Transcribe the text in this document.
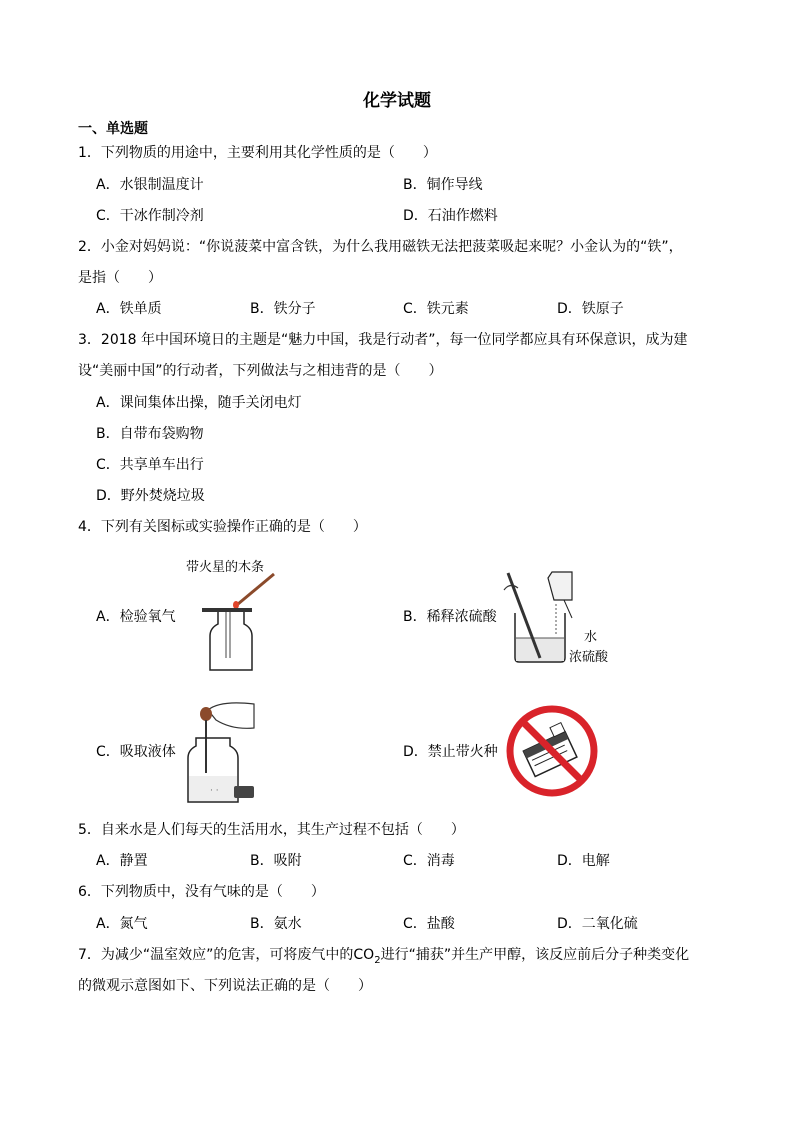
化学试题
一、单选题
1．下列物质的用途中，主要利用其化学性质的是（　　）
A．水银制温度计	B．铜作导线
C．干冰作制冷剂	D．石油作燃料
2．小金对妈妈说：“你说菠菜中富含铁，为什么我用磁铁无法把菠菜吸起来呢？小金认为的“铁”，
是指（　　）
A．铁单质	B．铁分子	C．铁元素	D．铁原子
3．2018 年中国环境日的主题是“魅力中国，我是行动者”，每一位同学都应具有环保意识，成为建
设“美丽中国”的行动者，下列做法与之相违背的是（　　）
A．课间集体出操，随手关闭电灯
B．自带布袋购物
C．共享单车出行
D．野外焚烧垃圾
4．下列有关图标或实验操作正确的是（　　）
A．检验氧气	B．稀释浓硫酸
C．吸取液体	D．禁止带火种
带火星的木条
水
浓硫酸
· ·
5．自来水是人们每天的生活用水，其生产过程不包括（　　）
A．静置	B．吸附	C．消毒	D．电解
6．下列物质中，没有气味的是（　　）
A．氮气	B．氨水	C．盐酸	D．二氧化硫
7．为减少“温室效应”的危害，可将废气中的$CO_2$进行“捕获”并生产甲醇，该反应前后分子种类变化
的微观示意图如下、下列说法正确的是（　　）
